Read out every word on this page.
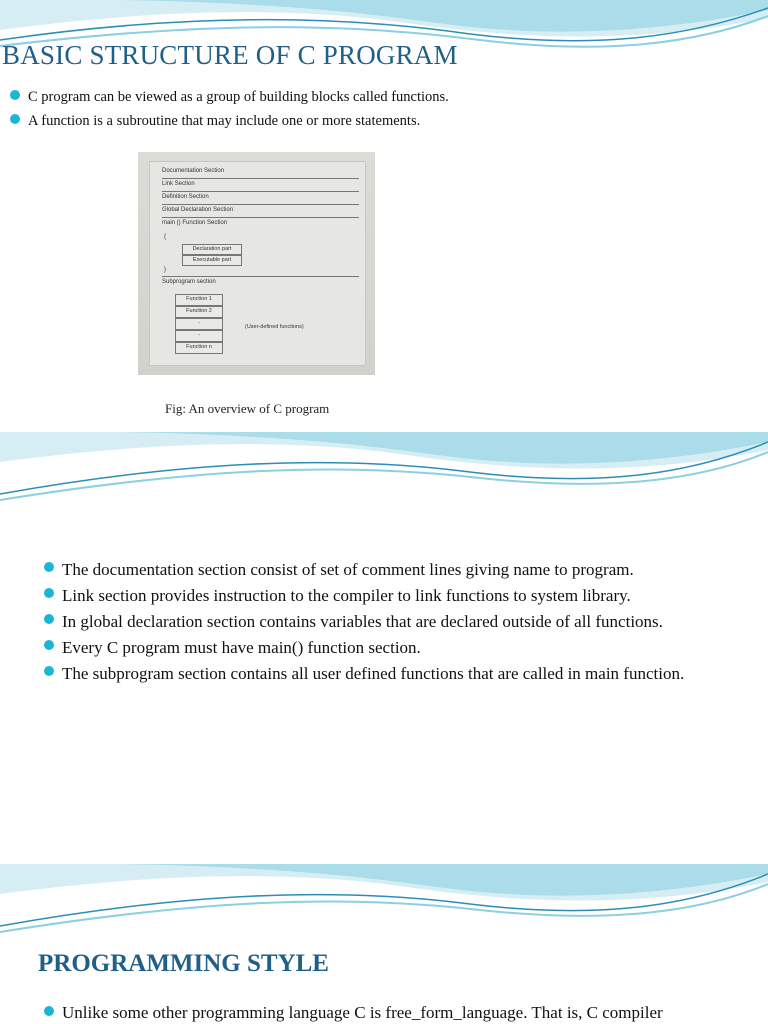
BASIC STRUCTURE OF C PROGRAM
C program can be viewed as a group of building blocks called functions.
A function is a subroutine that may include one or more statements.
Documentation Section
Link Section
Definition Section
Global Declaration Section
main () Function Section
{
Declaration part
Executable part
}
Subprogram section
Function 1
Function 2
-
-
Function n
(User-defined functions)
Fig: An overview of C program
The documentation section consist of set of comment lines giving name to program.
Link section provides instruction to the compiler to link functions to system library.
In global declaration section contains variables that are declared outside of all functions.
Every C program must have main() function section.
The subprogram section contains all user defined functions that are called in main function.
PROGRAMMING STYLE
Unlike some other programming language C is free_form_language. That is, C compiler
